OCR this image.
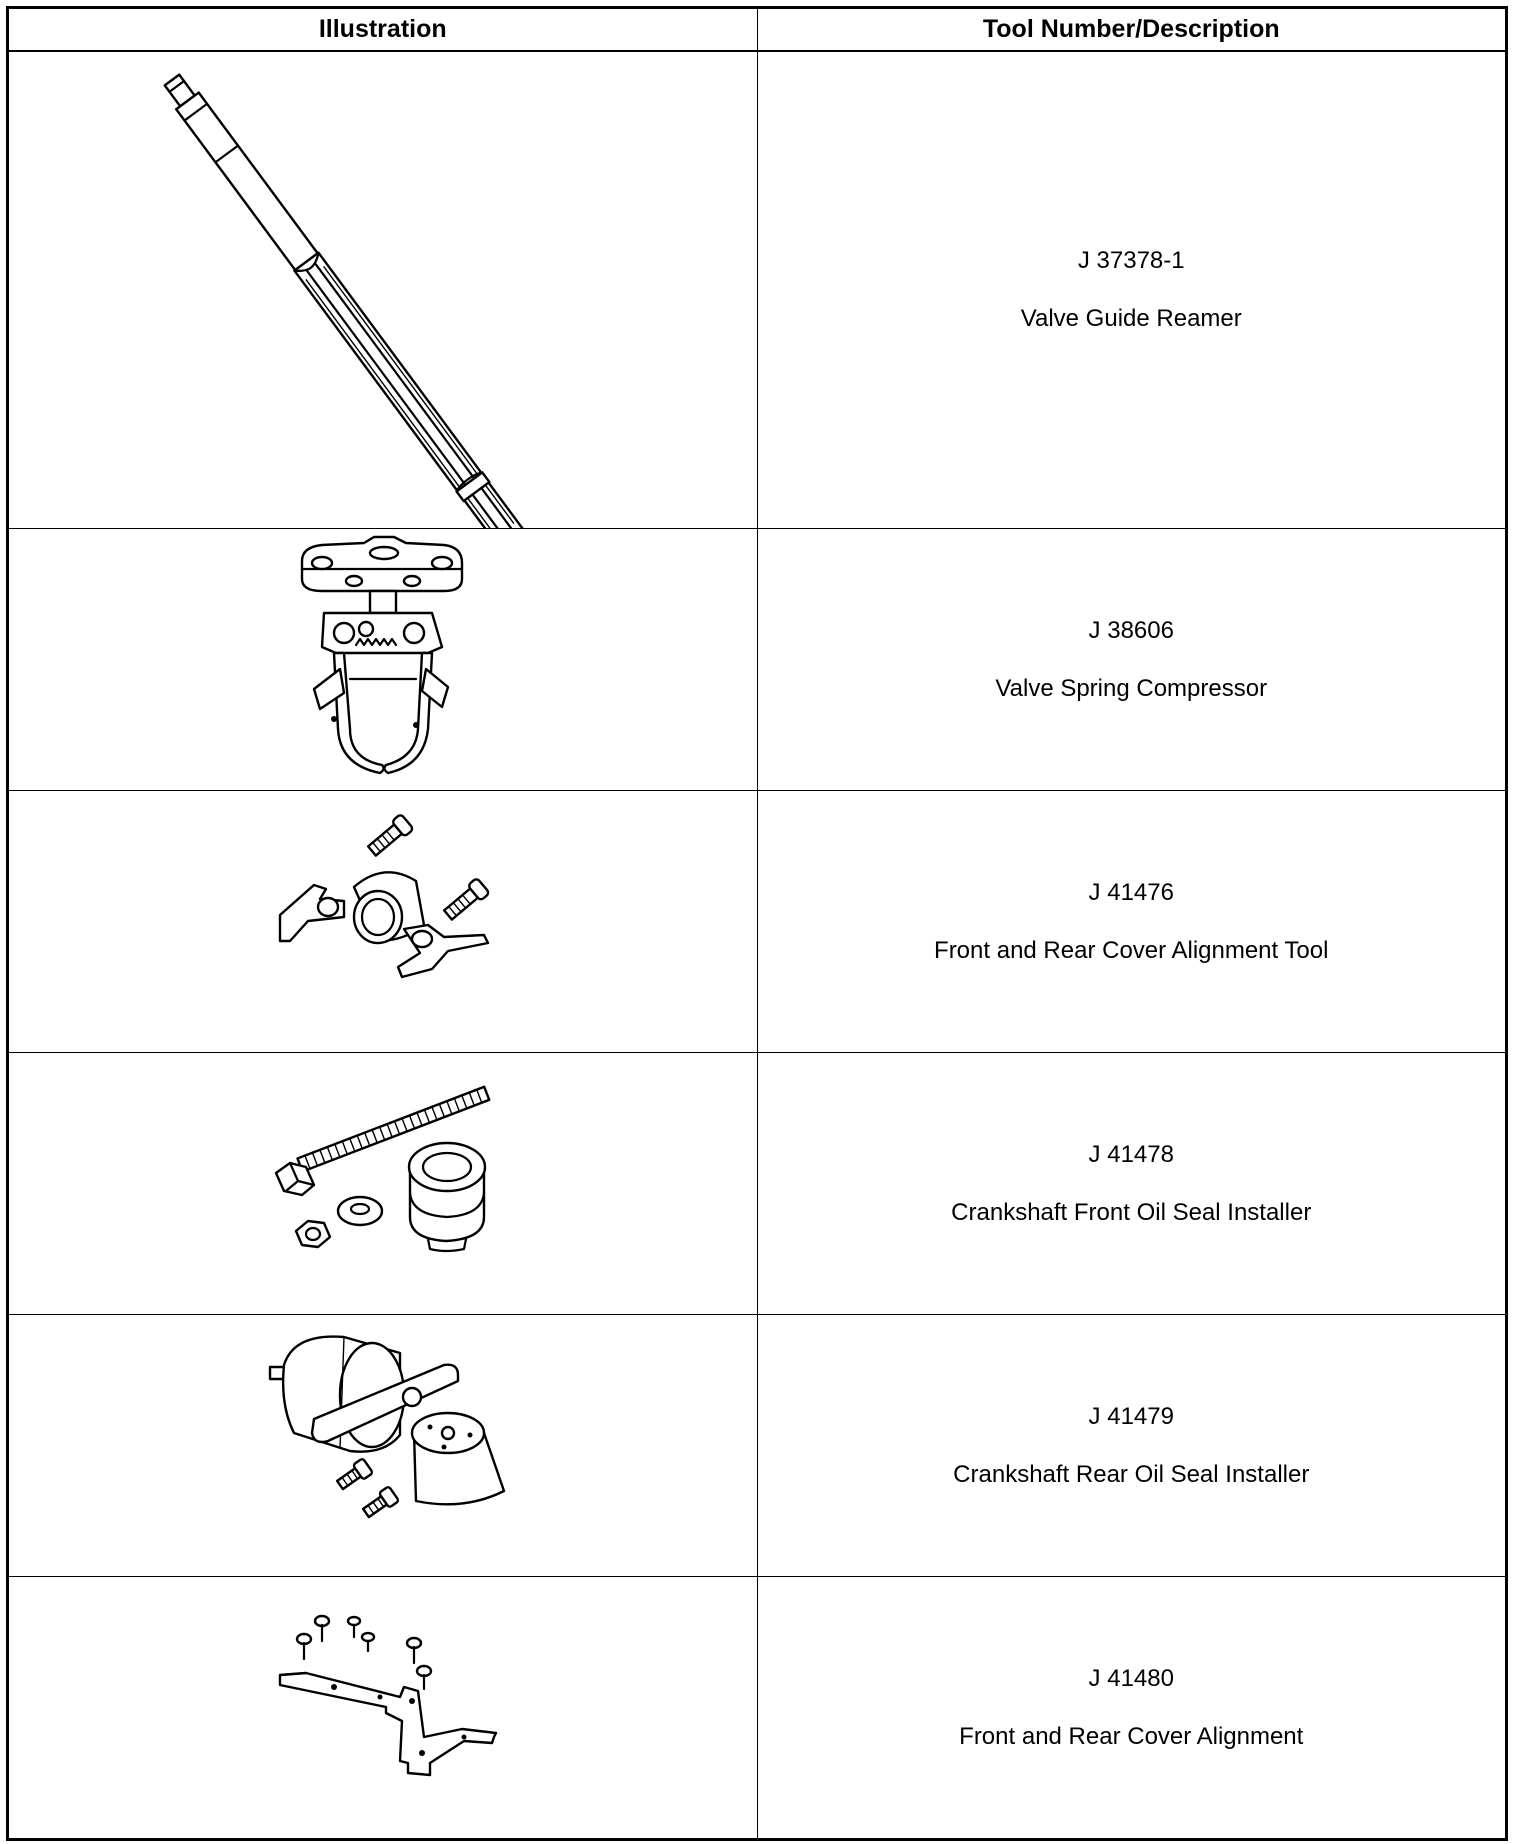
Illustration	Tool Number/Description

J 37378-1
Valve Guide Reamer

J 38606
Valve Spring Compressor

J 41476
Front and Rear Cover Alignment Tool

J 41478
Crankshaft Front Oil Seal Installer

J 41479
Crankshaft Rear Oil Seal Installer

J 41480
Front and Rear Cover Alignment
